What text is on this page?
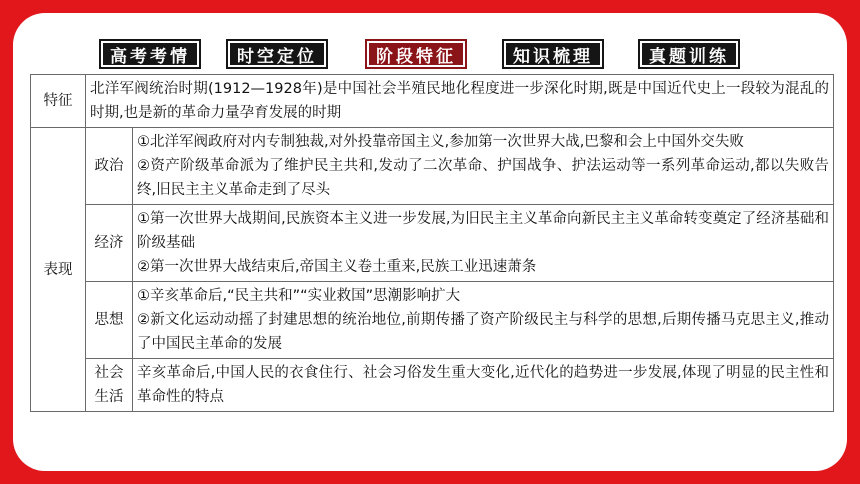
高考考情	时空定位	阶段特征	知识梳理	真题训练
特征	北洋军阀统治时期(1912—1928年)是中国社会半殖民地化程度进一步深化时期,既是中国近代史上一段较为混乱的时期,也是新的革命力量孕育发展的时期	
表现	政治	①北洋军阀政府对内专制独裁,对外投靠帝国主义,参加第一次世界大战,巴黎和会上中国外交失败

②资产阶级革命派为了维护民主共和,发动了二次革命、护国战争、护法运动等一系列革命运动,都以失败告终,旧民主主义革命走到了尽头

	经济	①第一次世界大战期间,民族资本主义进一步发展,为旧民主主义革命向新民主主义革命转变奠定了经济基础和阶级基础

②第一次世界大战结束后,帝国主义卷土重来,民族工业迅速萧条

	思想	①辛亥革命后,“民主共和”“实业救国”思潮影响扩大

②新文化运动动摇了封建思想的统治地位,前期传播了资产阶级民主与科学的思想,后期传播马克思主义,推动了中国民主革命的发展

	社会生活	辛亥革命后,中国人民的衣食住行、社会习俗发生重大变化,近代化的趋势进一步发展,体现了明显的民主性和革命性的特点
